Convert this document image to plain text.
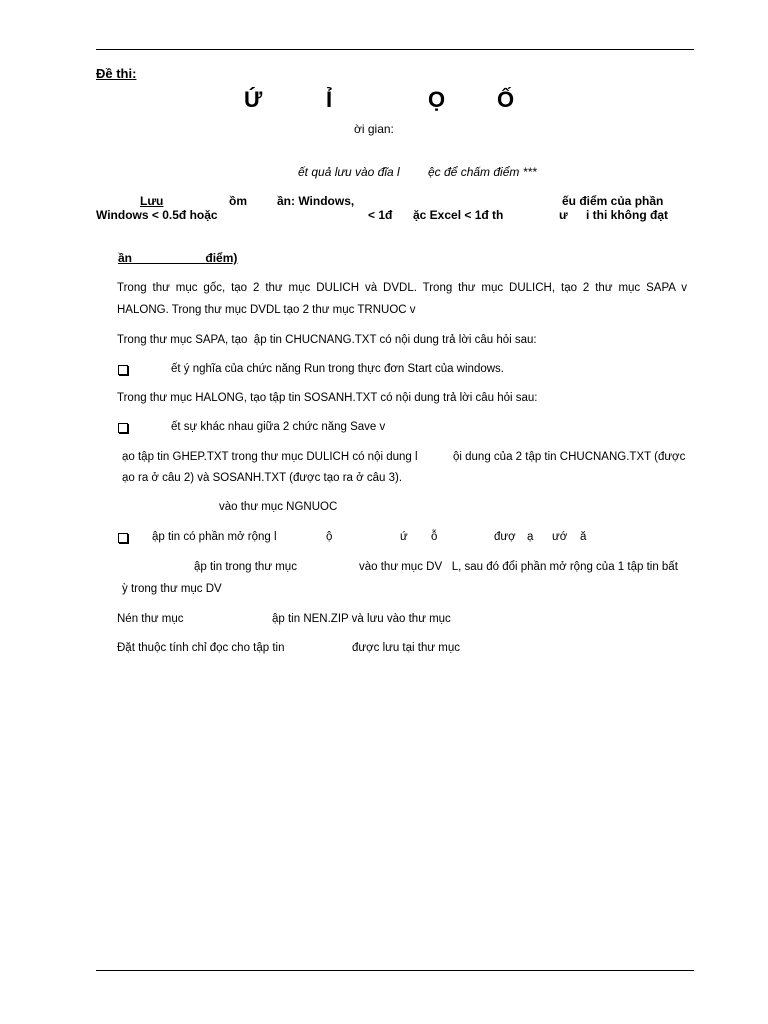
Đề thi:
Ứ	Ỉ	Ọ Ố
ời gian:
ết quả lưu vào đĩa l ệc để chấm điểm ***
Lưu	ồm	ần: Windows,	ếu điểm của phần
Windows < 0.5đ hoặc	< 1đ ặc Excel < 1đ th	ư i thi không đạt
ần	điểm)
Trong thư mục gốc, tạo 2 thư mục DULICH và DVDL. Trong thư mục DULICH, tạo 2 thư mục SAPA v
HALONG. Trong thư mục DVDL tạo 2 thư mục TRNUOC v
Trong thư mục SAPA, tạo  ập tin CHUCNANG.TXT có nội dung trả lời câu hỏi sau:
ết ý nghĩa của chức năng Run trong thực đơn Start của windows.
Trong thư mục HALONG, tạo tập tin SOSANH.TXT có nội dung trả lời câu hỏi sau:
ết sự khác nhau giữa 2 chức năng Save v
ạo tập tin GHEP.TXT trong thư mục DULICH có nội dung l	ội dung của 2 tập tin CHUCNANG.TXT (được
ạo ra ở câu 2) và SOSANH.TXT (được tạo ra ở câu 3).
vào thư mục NGNUOC
ập tin có phần mở rộng l	ộ	ứ ỗ	đượ ạ ướ ă
ập tin trong thư mục	vào thư mục DV   L, sau đó đổi phần mở rộng của 1 tập tin bất
ỳ trong thư mục DV
Nén thư mục	ập tin NEN.ZIP và lưu vào thư mục
Đặt thuộc tính chỉ đọc cho tập tin	được lưu tại thư mục
